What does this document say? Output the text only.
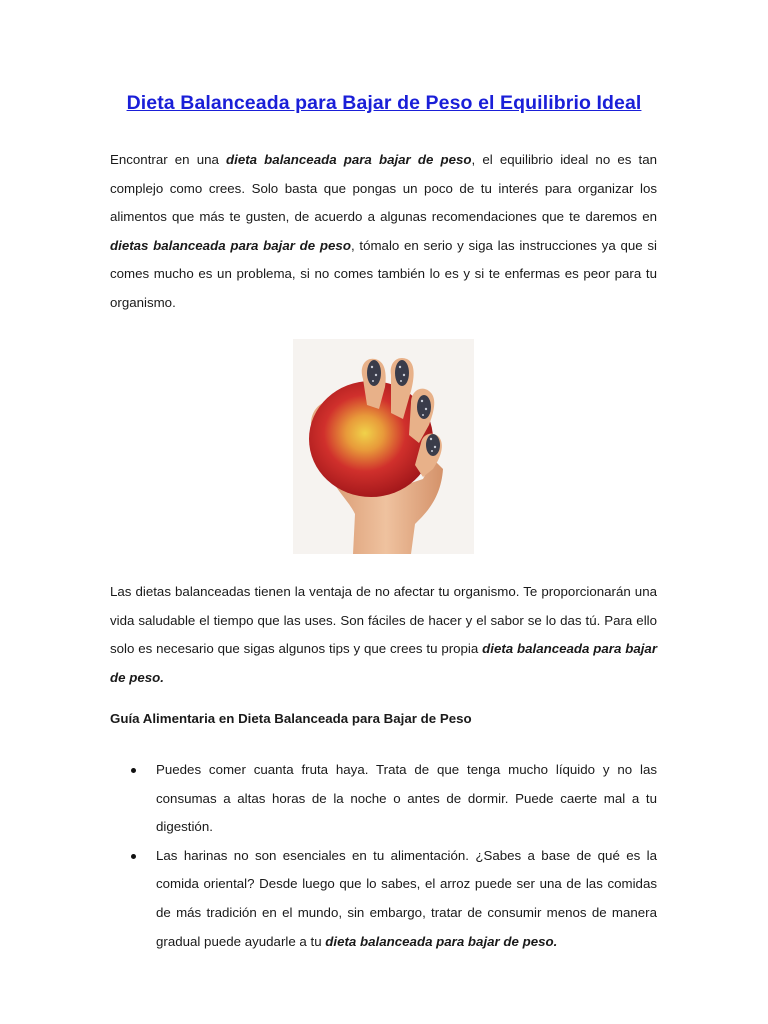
Dieta Balanceada para Bajar de Peso el Equilibrio Ideal

Encontrar en una dieta balanceada para bajar de peso, el equilibrio ideal no es tan complejo como crees. Solo basta que pongas un poco de tu interés para organizar los alimentos que más te gusten, de acuerdo a algunas recomendaciones que te daremos en dietas balanceada para bajar de peso, tómalo en serio y siga las instrucciones ya que si comes mucho es un problema, si no comes también lo es y si te enfermas es peor para tu organismo.

Las dietas balanceadas tienen la ventaja de no afectar tu organismo. Te proporcionarán una vida saludable el tiempo que las uses. Son fáciles de hacer y el sabor se lo das tú. Para ello solo es necesario que sigas algunos tips y que crees tu propia dieta balanceada para bajar de peso.

Guía Alimentaria en Dieta Balanceada para Bajar de Peso

Puedes comer cuanta fruta haya. Trata de que tenga mucho líquido y no las consumas a altas horas de la noche o antes de dormir. Puede caerte mal a tu digestión.
Las harinas no son esenciales en tu alimentación. ¿Sabes a base de qué es la comida oriental? Desde luego que lo sabes, el arroz puede ser una de las comidas de más tradición en el mundo, sin embargo, tratar de consumir menos de manera gradual puede ayudarle a tu dieta balanceada para bajar de peso.
